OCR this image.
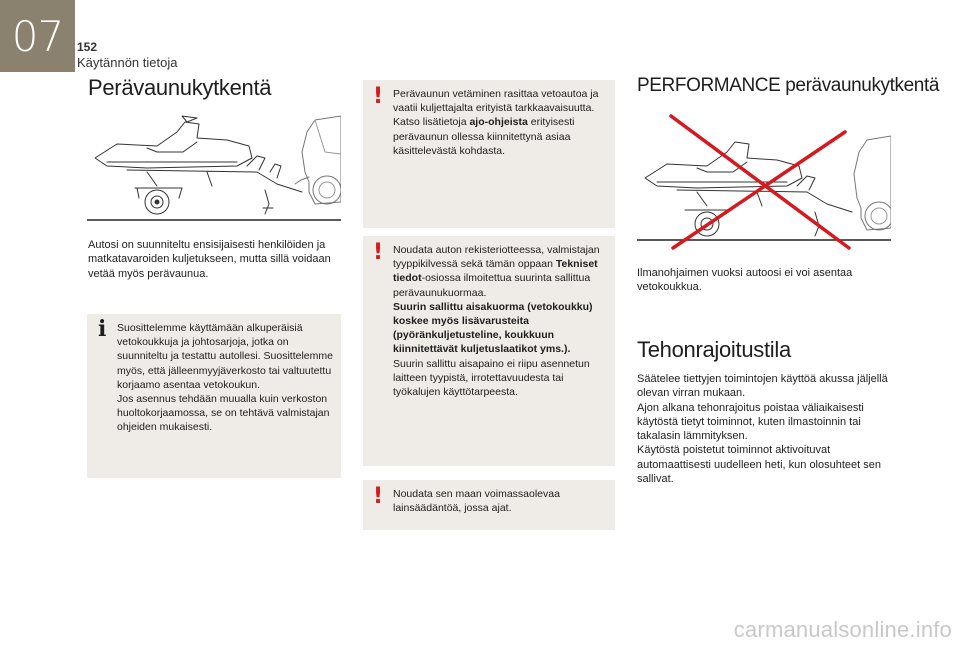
07 152
Käytännön tietoja
Perävaunukytkentä
Autosi on suunniteltu ensisijaisesti henkilöiden ja matkatavaroiden kuljetukseen, mutta sillä voidaan vetää myös perävaunua.
i Suosittelemme käyttämään alkuperäisiä vetokoukkuja ja johtosarjoja, jotka on suunniteltu ja testattu autollesi. Suosittelemme myös, että jälleenmyyjäverkosto tai valtuutettu korjaamo asentaa vetokoukun.
Jos asennus tehdään muualla kuin verkoston huoltokorjaamossa, se on tehtävä valmistajan ohjeiden mukaisesti.

! Perävaunun vetäminen rasittaa vetoautoa ja vaatii kuljettajalta erityistä tarkkaavaisuutta.
Katso lisätietoja ajo-ohjeista erityisesti perävaunun ollessa kiinnitettynä asiaa käsittelevästä kohdasta.

! Noudata auton rekisteriotteessa, valmistajan tyyppikilvessä sekä tämän oppaan Tekniset tiedot-osiossa ilmoitettua suurinta sallittua perävaunukuormaa.
Suurin sallittu aisakuorma (vetokoukku) koskee myös lisävarusteita (pyöränkuljetusteline, koukkuun kiinnitettävät kuljetuslaatikot yms.).
Suurin sallittu aisapaino ei riipu asennetun laitteen tyypistä, irrotettavuudesta tai työkalujen käyttötarpeesta.

! Noudata sen maan voimassaolevaa lainsäädäntöä, jossa ajat.

PERFORMANCE perävaunukytkentä
Ilmanohjaimen vuoksi autoosi ei voi asentaa vetokoukkua.
Tehonrajoitustila
Säätelee tiettyjen toimintojen käyttöä akussa jäljellä olevan virran mukaan.
Ajon alkana tehonrajoitus poistaa väliaikaisesti käytöstä tietyt toiminnot, kuten ilmastoinnin tai takalasin lämmityksen.
Käytöstä poistetut toiminnot aktivoituvat automaattisesti uudelleen heti, kun olosuhteet sen sallivat.
carmanualsonline.info
